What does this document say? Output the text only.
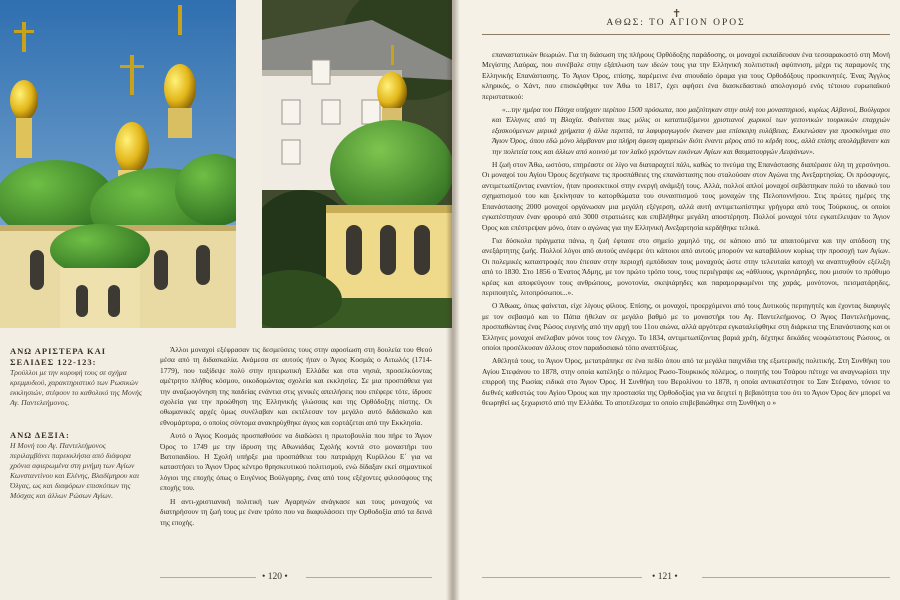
ΑΝΩ ΑΡΙΣΤΕΡΑ ΚΑΙ ΣΕΛΙΔΕΣ 122-123:
Τρούλλοι με την κορυφή τους σε σχήμα κρεμμυδιού, χαρακτηριστικό των Ρωσικών εκκλησιών, στέφουν το καθολικό της Μονής Αγ. Παντελεήμονος.
ΑΝΩ ΔΕΞΙΑ:
Η Μονή του Αγ. Παντελεήμονος περιλαμβάνει παρεκκλήσια από διάφορα χρόνια αφιερωμένα στη μνήμη των Αγίων Κωνσταντίνου και Ελένης, Βλαδίμηρου και Όλγας, ως και διαφόρων επισκόπων της Μόσχας και άλλων Ρώσων Αγίων.

Άλλοι μοναχοί εξέφρασαν τις δεσμεύσεις τους στην αφοσίωση στη δουλεία του Θεού μέσα από τη διδασκαλία. Ανάμεσα σε αυτούς ήταν ο Άγιος Κοσμάς ο Αιτωλός (1714-1779), που ταξίδεψε πολύ στην ηπειρωτική Ελλάδα και στα νησιά, προσελκύοντας αμέτρητο πλήθος κόσμου, οικοδομώντας σχολεία και εκκλησίες. Σε μια προσπάθεια για την αναζωογόνηση της παιδείας ενάντια στις γενικές απειλήσεις που επέφερε τότε, ίδρυσε σχολεία για την προώθηση της Ελληνικής γλώσσας και της Ορθόδοξης πίστης. Οι οθωμανικές αρχές όμως συνέλαβαν και εκτέλεσαν τον μεγάλο αυτό διδάσκαλο και εθνομάρτυρα, ο οποίος σύντομα ανακηρύχθηκε άγιος και εορτάζεται από την Εκκλησία.

Αυτό ο Άγιος Κοσμάς προσπαθούσε να διαδώσει η πρωτοβουλία που πήρε το Άγιον Όρος το 1749 με την ίδρυση της Αθωνιάδας Σχολής κοντά στο μοναστήρι του Βατοπαιδίου. Η Σχολή υπήρξε μια προσπάθεια του πατριάρχη Κυρίλλου Ε΄ για να καταστήσει το Άγιον Όρος κέντρο θρησκευτικού πολιτισμού, ενώ δίδαξαν εκεί σημαντικοί λόγιοι της εποχής όπως ο Ευγένιος Βούλγαρης, ένας από τους εξέχοντες φιλοσόφους της εποχής του.

Η αντι-χριστιανική πολιτική των Αγαρηνών ανάγκασε και τους μοναχούς να διατηρήσουν τη ζωή τους με έναν τρόπο που να διαφυλάσσει την Ορθοδοξία από τα δεινά της εποχής.

• 120 •
✝
ΑΘΩΣ: ΤΟ ΑΓΙΟΝ ΟΡΟΣ

επαναστατικών θεωριών. Για τη διάσωση της πλήρους Ορθόδοξης παράδοσης, οι μοναχοί εκπαίδευσαν ένα τεσσαρακοστό στη Μονή Μεγίστης Λαύρας, που συνέβαλε στην εξάπλωση των ιδεών τους για την Ελληνική πολιτιστική αφύπνιση, μέχρι τις παραμονές της Ελληνικής Επανάστασης. Το Άγιον Όρος, επίσης, παρέμεινε ένα σπουδαίο όραμα για τους Ορθοδόξους προσκυνητές. Ένας Άγγλος κληρικός, ο Χάντ, που επισκέφθηκε τον Άθω το 1817, έχει αφήσει ένα διασκεδαστικό απολογισμό ενός τέτοιου ευρωπαϊκού περιστατικού:

«...την ημέρα του Πάσχα υπήρχαν περίπου 1500 πρόσωπα, που μαζεύτηκαν στην αυλή του μοναστηριού, κυρίως Αλβανοί, Βούλγαροι και Έλληνες από τη Βλαχία. Φαίνεται πως μόλις οι καταπιεζόμενοι χριστιανοί χωρικοί των γειτονικών τουρκικών επαρχιών εξασκούμενων μερικά χρήματα ή άλλα περιττά, τα λαφυραγωγούν έκαναν μια επίσκεψη ευλάβειας. Εκκενώσαν για προσκύνημα στο Άγιον Όρος, όπου εδώ μόνο λάμβαναν μια πλήρη άφεση αμαρτιών διότι έναντι μέρος από το κέρδη τους, αλλά επίσης απολάμβαναν και την πολιτεία τους και άλλων από κοινού με τον λαϊκό γερόντων εικόνων Αγίων και θαυματουργών Λειψάνων».

Η ζωή στον Άθω, ωστόσο, επηρέαστε σε λίγο να διαταραχτεί πάλι, καθώς το πνεύμα της Επανάστασης διαπέρασε όλη τη χερσόνησο. Οι μοναχοί του Αγίου Όρους δεχτήκανε τις προσπάθειες της επανάστασης που σταλούσαν στον Αγώνα της Ανεξαρτησίας. Οι πρόσφυγες, αντιμετωπίζοντας εναντίον, ήταν προσεκτικοί στην ενεργή ανάμιξή τους. Αλλά, πολλοί απλοί μοναχοί σεβάστηκαν πολύ το ιδανικό του σχηματισμού του και ξεκίνησαν το κατορθώματα του συνασπισμού τους μοναχών της Πελοποννήσου. Στις πρώτες ημέρες της Επανάστασης 2000 μοναχοί οργάνωσαν μια μεγάλη εξέγερση, αλλά αυτή αντιμετωπίστηκε γρήγορα από τους Τούρκους, οι οποίοι εγκατέστησαν έναν φρουρό από 3000 στρατιώτες και επιβλήθηκε μεγάλη αποστέρηση. Πολλοί μοναχοί τότε εγκατέλειψαν το Άγιον Όρος και επέστρεψαν μόνο, όταν ο αγώνας για την Ελληνική Ανεξαρτησία κερδήθηκε τελικά.

Για δύσκολα πράγματα πάνω, η ζωή έφτασε στο σημείο χαμηλό της, σε κάποιο από τα απαιτούμενα και την απόδοση της ανεξάρτητης ζωής. Πολλοί λόγοι από αυτούς ανέφερε ότι κάποιοι από αυτούς μπορούν να καταβάλουν κυρίως την προσοχή των Αγίων. Οι πολεμικές καταστροφές που έπεσαν στην περιοχή εμπόδισαν τους μοναχούς ώστε στην τελευταία κατοχή να αναπτυχθούν εξέλιξη από το 1830. Στο 1856 ο Ένατος Άδμης, με τον πρώτο τρόπο τους, τους περιέγραψε ως «άθλιους, γκρινιάρηδες, που μισούν το πρόθυμο κρέας και αποφεύγουν τους ανθρώπους, μονοτονία, σκεψιάρηδες και παραμορφωμένοι της χαράς, μονότονοι, πεισματάρηδες, περιποιητές, λιτοπρόσωποι...».

Ο Άθωας, όπως φαίνεται, είχε λίγους φίλους. Επίσης, οι μοναχοί, προερχόμενοι από τους Δυτικούς περιηγητές και έχοντας διαφυγές με τον σεβασμό και το Πάπα ήθελαν σε μεγάλο βαθμό με το μοναστήρι του Αγ. Παντελεήμονος. Ο Άγιος Παντελεήμονας, προσπαθώντας ένας Ρώσος ευγενής από την αρχή του 11ου αιώνα, αλλά αργότερα εγκαταλείφθηκε στη διάρκεια της Επανάστασης και οι Έλληνες μοναχοί ανέλαβαν μόνοι τους τον έλεγχο. Το 1834, αντιμετωπίζοντας βαριά χρέη, δέχτηκε δεκάδες νεοφώτιστους Ρώσους, οι οποίοι προσέλκυσαν άλλους στον παραδοσιακό τόπο αναπτύξεως.

Αθέλητά τους, το Άγιον Όρος, μετατράπηκε σε ένα πεδίο όπου από τα μεγάλα παιχνίδια της εξωτερικής πολιτικής. Στη Συνθήκη του Αγίου Στεφάνου το 1878, στην οποία κατέληξε ο πόλεμος Ρωσο-Τουρκικός πόλεμος, ο ποιητής του Τσάρου πέτυχε να αναγνωρίσει την επιρροή της Ρωσίας ειδικά στο Άγιον Όρος. Η Συνθήκη του Βερολίνου το 1878, η οποία αντικατέστησε το Σαν Στέφανο, τόνισε το διεθνές καθεστώς του Αγίου Όρους και την προστασία της Ορθοδοξίας για να δειχτεί η βεβαιότητα του ότι το Άγιον Όρος δεν μπορεί να θεωρηθεί ως ξεχωριστό από την Ελλάδα. Το αποτέλεσμα το οποίο επιβεβαιώθηκε στη Συνθήκη ο »

• 121 •
